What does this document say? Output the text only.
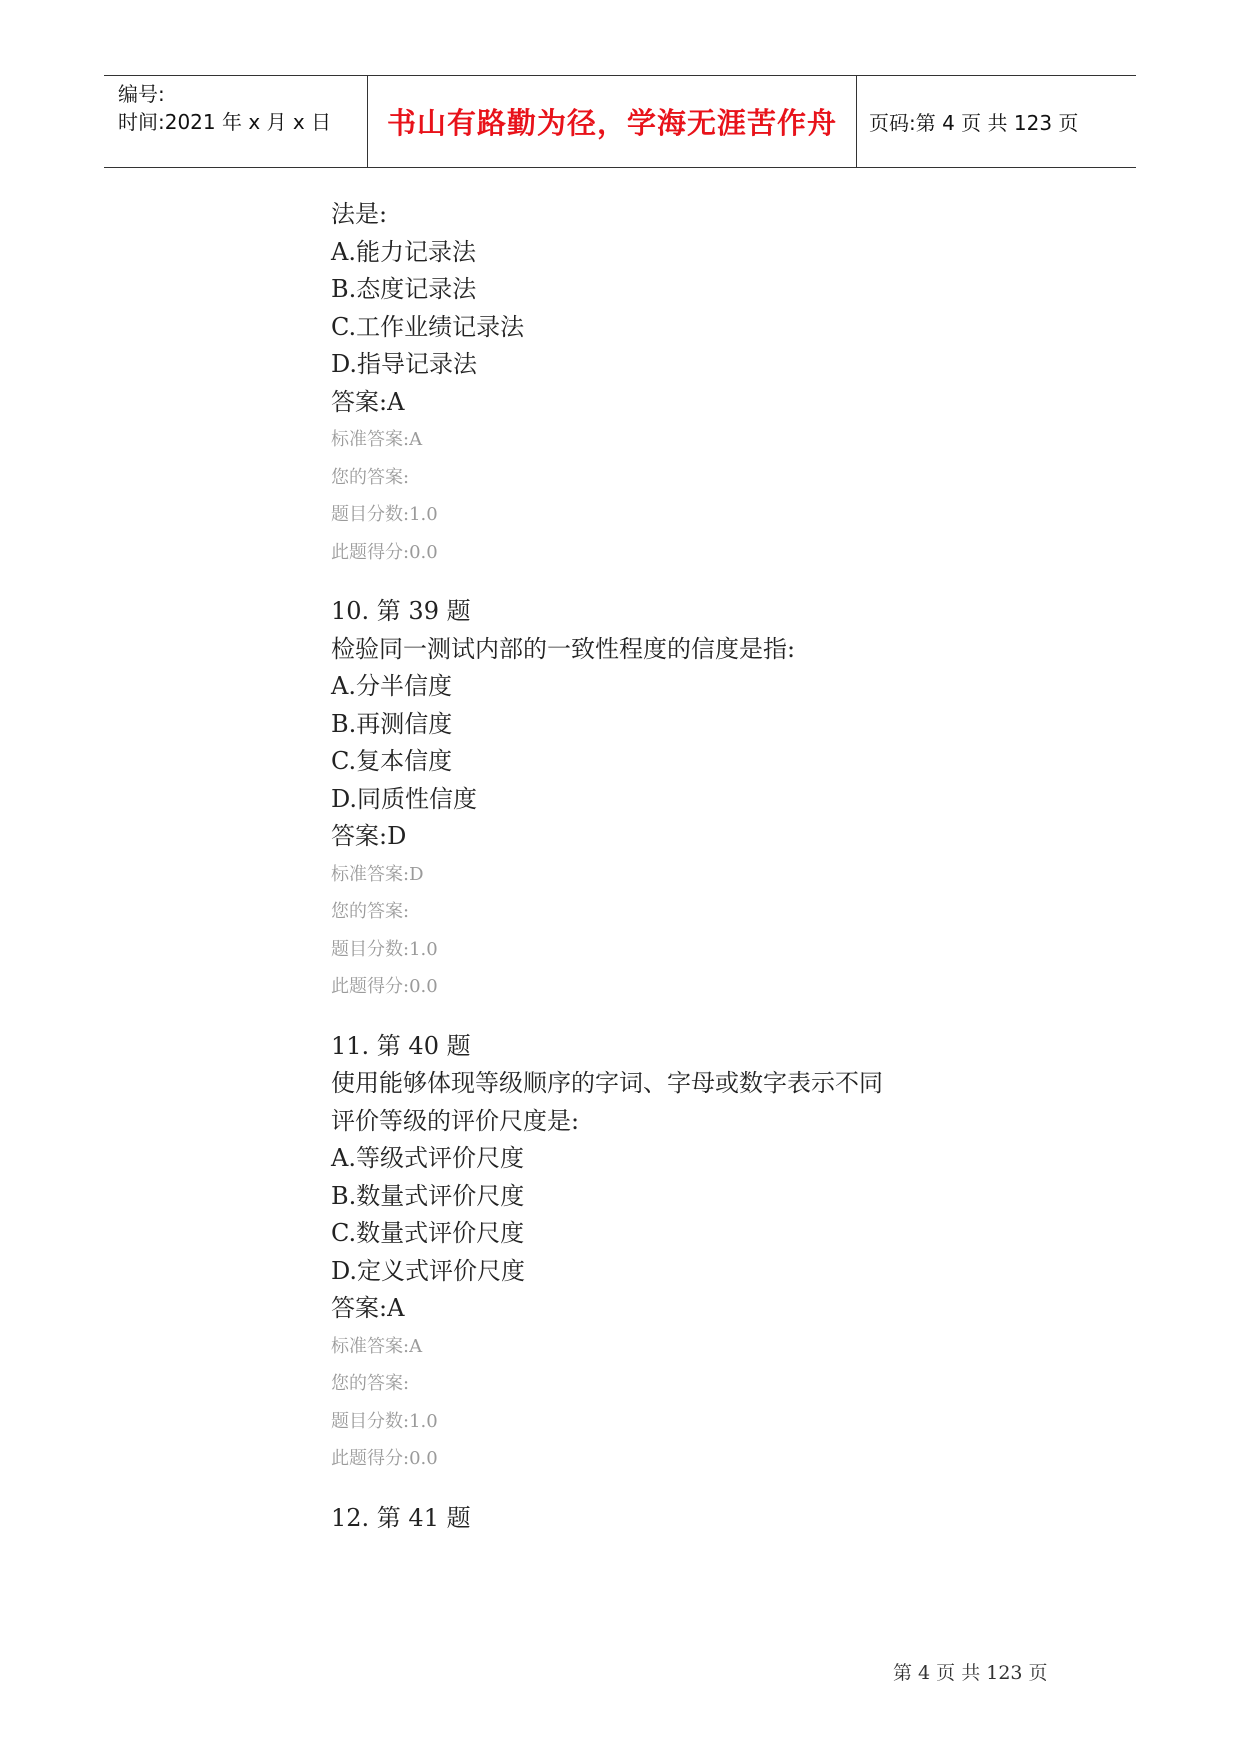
编号:
时间:2021 年 x 月 x 日	书山有路勤为径，学海无涯苦作舟	页码:第 4 页 共 123 页
法是:
A.能力记录法
B.态度记录法
C.工作业绩记录法
D.指导记录法
答案:A
标准答案:A
您的答案:
题目分数:1.0
此题得分:0.0
10. 第 39 题
检验同一测试内部的一致性程度的信度是指:
A.分半信度
B.再测信度
C.复本信度
D.同质性信度
答案:D
标准答案:D
您的答案:
题目分数:1.0
此题得分:0.0
11. 第 40 题
使用能够体现等级顺序的字词、字母或数字表示不同
评价等级的评价尺度是:
A.等级式评价尺度
B.数量式评价尺度
C.数量式评价尺度
D.定义式评价尺度
答案:A
标准答案:A
您的答案:
题目分数:1.0
此题得分:0.0
12. 第 41 题
第 4 页 共 123 页
